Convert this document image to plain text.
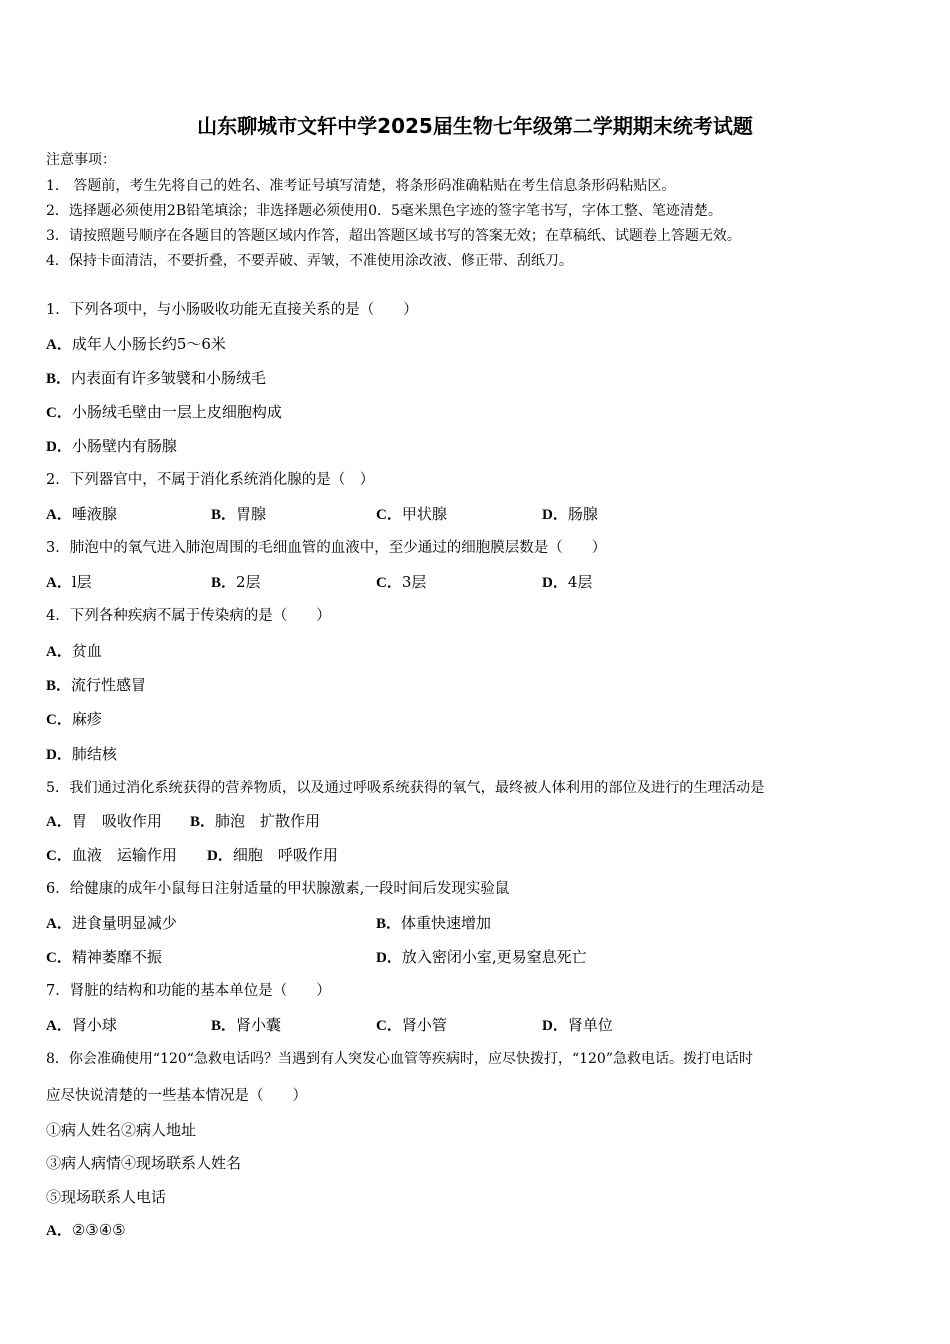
山东聊城市文轩中学2025届生物七年级第二学期期末统考试题
注意事项：
1． 答题前，考生先将自己的姓名、准考证号填写清楚，将条形码准确粘贴在考生信息条形码粘贴区。
2．选择题必须使用2B铅笔填涂；非选择题必须使用0．5毫米黑色字迹的签字笔书写，字体工整、笔迹清楚。
3．请按照题号顺序在各题目的答题区域内作答，超出答题区域书写的答案无效；在草稿纸、试题卷上答题无效。
4．保持卡面清洁，不要折叠，不要弄破、弄皱，不准使用涂改液、修正带、刮纸刀。
1．下列各项中，与小肠吸收功能无直接关系的是（　　）
A．成年人小肠长约5～6米
B．内表面有许多皱襞和小肠绒毛
C．小肠绒毛壁由一层上皮细胞构成
D．小肠壁内有肠腺
2．下列器官中，不属于消化系统消化腺的是（　）
A．唾液腺	B．胃腺	C．甲状腺	D．肠腺
3．肺泡中的氧气进入肺泡周围的毛细血管的血液中，至少通过的细胞膜层数是（　　）
A．l层	B．2层	C．3层	D．4层
4．下列各种疾病不属于传染病的是（　　）
A．贫血
B．流行性感冒
C．麻疹
D．肺结核
5．我们通过消化系统获得的营养物质，以及通过呼吸系统获得的氧气，最终被人体利用的部位及进行的生理活动是
A．胃　吸收作用 B．肺泡　扩散作用
C．血液　运输作用 D．细胞　呼吸作用
6．给健康的成年小鼠每日注射适量的甲状腺激素,一段时间后发现实验鼠
A．进食量明显减少	B．体重快速增加
C．精神萎靡不振	D．放入密闭小室,更易窒息死亡
7．肾脏的结构和功能的基本单位是（　　）
A．肾小球	B．肾小囊	C．肾小管	D．肾单位
8．你会准确使用“120“急救电话吗？当遇到有人突发心血管等疾病时，应尽快拨打，“120”急救电话。拨打电话时
应尽快说清楚的一些基本情况是（　　）
①病人姓名②病人地址
③病人病情④现场联系人姓名
⑤现场联系人电话
A．②③④⑤
